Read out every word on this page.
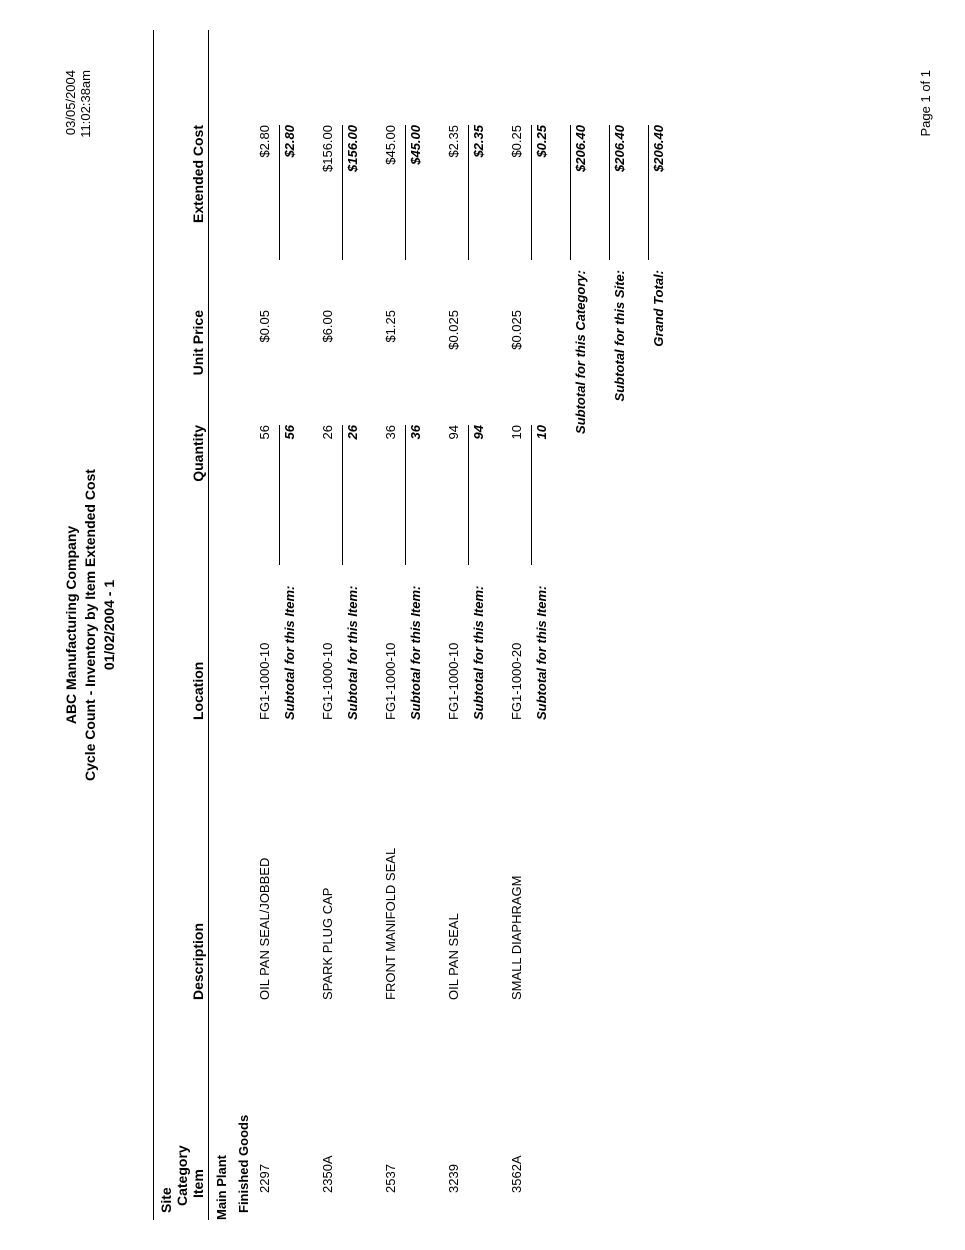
ABC Manufacturing Company Cycle Count - Inventory by Item Extended Cost 01/02/2004 - 1
03/05/2004 11:02:38am	Page 1 of 1
Site Category Item
Description
Location
Quantity
Unit Price
Extended Cost
Main Plant Finished Goods 2297
OIL PAN SEAL/JOBBED
FG1-1000-10
56
$0.05
$2.80
Subtotal for this Item:
56
$2.80
2350A
SPARK PLUG CAP
FG1-1000-10
26
$6.00
$156.00
Subtotal for this Item:
26
$156.00
2537
FRONT MANIFOLD SEAL
FG1-1000-10
36
$1.25
$45.00
Subtotal for this Item:
36
$45.00
3239
OIL PAN SEAL
FG1-1000-10
94
$0.025
$2.35
Subtotal for this Item:
94
$2.35
3562A
SMALL DIAPHRAGM
FG1-1000-20
10
$0.025
$0.25
Subtotal for this Item:
10
$0.25
Subtotal for this Category:
$206.40
Subtotal for this Site:
$206.40
Grand Total:
$206.40
